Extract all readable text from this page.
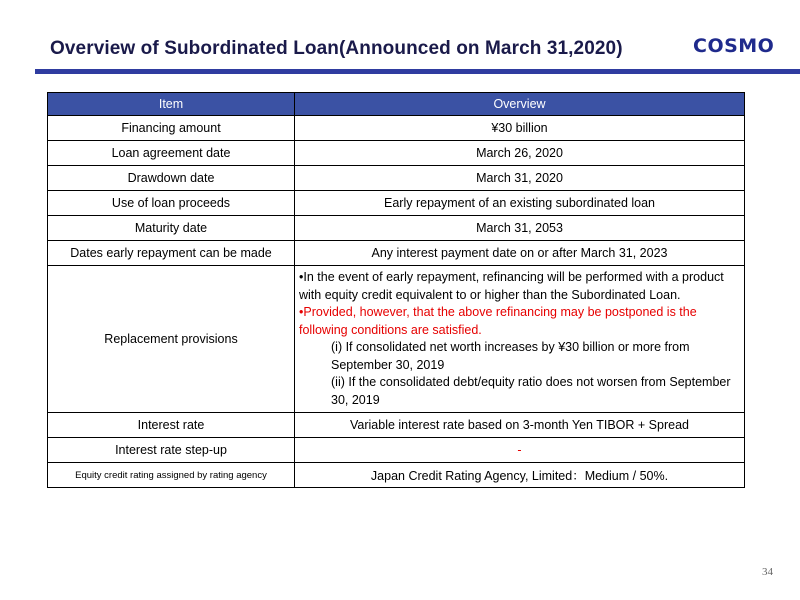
Overview of Subordinated Loan(Announced on March 31,2020)	COSMO
Item	Overview
Financing amount	¥30 billion
Loan agreement date	March 26, 2020
Drawdown date	March 31, 2020
Use of loan proceeds	Early repayment of an existing subordinated loan
Maturity date	March 31, 2053
Dates early repayment can be made	Any interest payment date on or after March 31, 2023
Replacement provisions	•In the event of early repayment, refinancing will be performed with a product with equity credit equivalent to or higher than the Subordinated Loan.
•Provided, however, that the above refinancing may be postponed is the following conditions are satisfied.
(i) If consolidated net worth increases by ¥30 billion or more from September 30, 2019
(ii) If the consolidated debt/equity ratio does not worsen from September 30, 2019

Interest rate	Variable interest rate based on 3-month Yen TIBOR + Spread
Interest rate step-up	-
Equity credit rating assigned by rating agency	Japan Credit Rating Agency, Limited：Medium / 50%.
34
